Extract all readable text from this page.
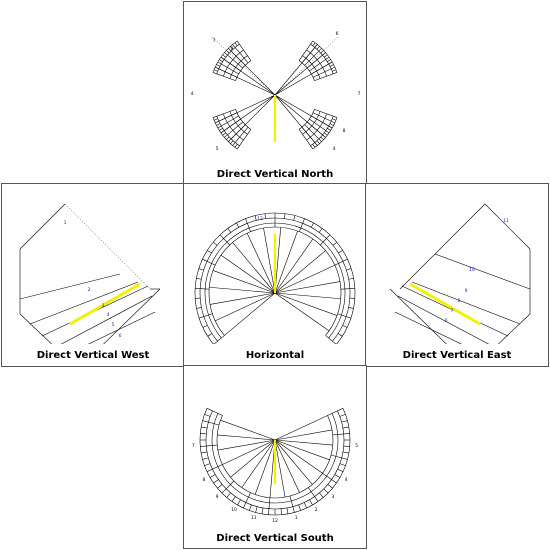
7
8
4
5
6
7
8
4
Direct Vertical North
1
2
3
4
5
6
Direct Vertical West
12
Horizontal
11
10
9
8
7
6
Direct Vertical East
5
4
3
2
1
12
11
10
9
8
7
Direct Vertical South
